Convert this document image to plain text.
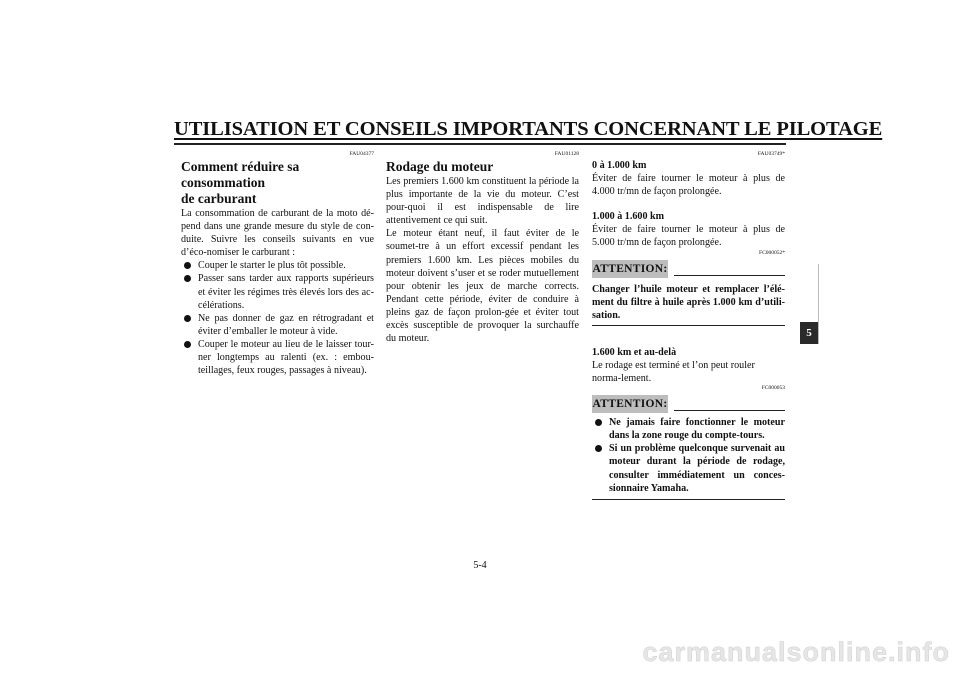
UTILISATION ET CONSEILS IMPORTANTS CONCERNANT LE PILOTAGE
FAU04377
Comment réduire sa consommation
de carburant

La consommation de carburant de la moto dé-pend dans une grande mesure du style de con-duite. Suivre les conseils suivants en vue d’éco-nomiser le carburant :

Couper le starter le plus tôt possible.
Passer sans tarder aux rapports supérieurs et éviter les régimes très élevés lors des ac-célérations.
Ne pas donner de gaz en rétrogradant et éviter d’emballer le moteur à vide.
Couper le moteur au lieu de le laisser tour-ner longtemps au ralenti (ex. : embou-teillages, feux rouges, passages à niveau).
FAU01128
Rodage du moteur

Les premiers 1.600 km constituent la période la plus importante de la vie du moteur. C’est pour-quoi il est indispensable de lire attentivement ce qui suit.

Le moteur étant neuf, il faut éviter de le soumet-tre à un effort excessif pendant les premiers 1.600 km. Les pièces mobiles du moteur doivent s’user et se roder mutuellement pour obtenir les jeux de marche corrects. Pendant cette période, éviter de conduire à pleins gaz de façon prolon-gée et éviter tout excès susceptible de provoquer la surchauffe du moteur.

FAU03749*
0 à 1.000 km

Éviter de faire tourner le moteur à plus de 4.000 tr/mn de façon prolongée.

1.000 à 1.600 km

Éviter de faire tourner le moteur à plus de 5.000 tr/mn de façon prolongée.

FC000052*
ATTENTION:

Changer l’huile moteur et remplacer l’élé-ment du filtre à huile après 1.000 km d’utili-sation.

1.600 km et au-delà

Le rodage est terminé et l’on peut rouler norma-lement.

FC000053
ATTENTION:
Ne jamais faire fonctionner le moteur dans la zone rouge du compte-tours.
Si un problème quelconque survenait au moteur durant la période de rodage, consulter immédiatement un conces-sionnaire Yamaha.
5
5-4
carmanualsonline.info
